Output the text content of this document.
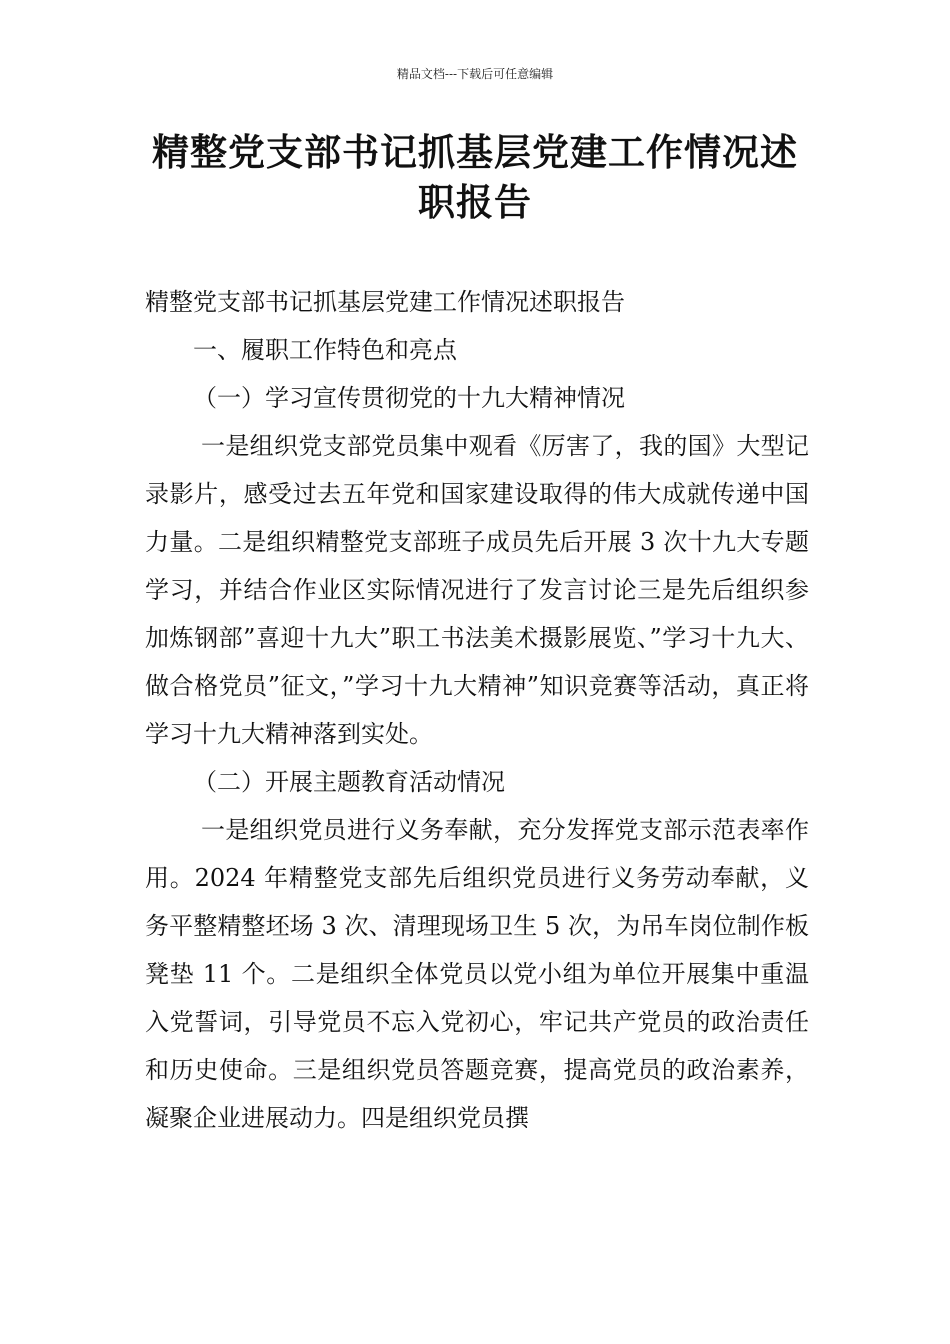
精品文档---下载后可任意编辑
精整党支部书记抓基层党建工作情况述
职报告

精整党支部书记抓基层党建工作情况述职报告

一、履职工作特色和亮点

（一）学习宣传贯彻党的十九大精神情况

一是组织党支部党员集中观看《厉害了，我的国》大型记录影片，感受过去五年党和国家建设取得的伟大成就传递中国力量。二是组织精整党支部班子成员先后开展 3 次十九大专题学习，并结合作业区实际情况进行了发言讨论三是先后组织参加炼钢部”喜迎十九大”职工书法美术摄影展览、”学习十九大、做合格党员”征文，”学习十九大精神”知识竞赛等活动，真正将学习十九大精神落到实处。

（二）开展主题教育活动情况

一是组织党员进行义务奉献，充分发挥党支部示范表率作用。2024 年精整党支部先后组织党员进行义务劳动奉献，义务平整精整坯场 3 次、清理现场卫生 5 次，为吊车岗位制作板凳垫 11 个。二是组织全体党员以党小组为单位开展集中重温入党誓词，引导党员不忘入党初心，牢记共产党员的政治责任和历史使命。三是组织党员答题竞赛，提高党员的政治素养，凝聚企业进展动力。四是组织党员撰
